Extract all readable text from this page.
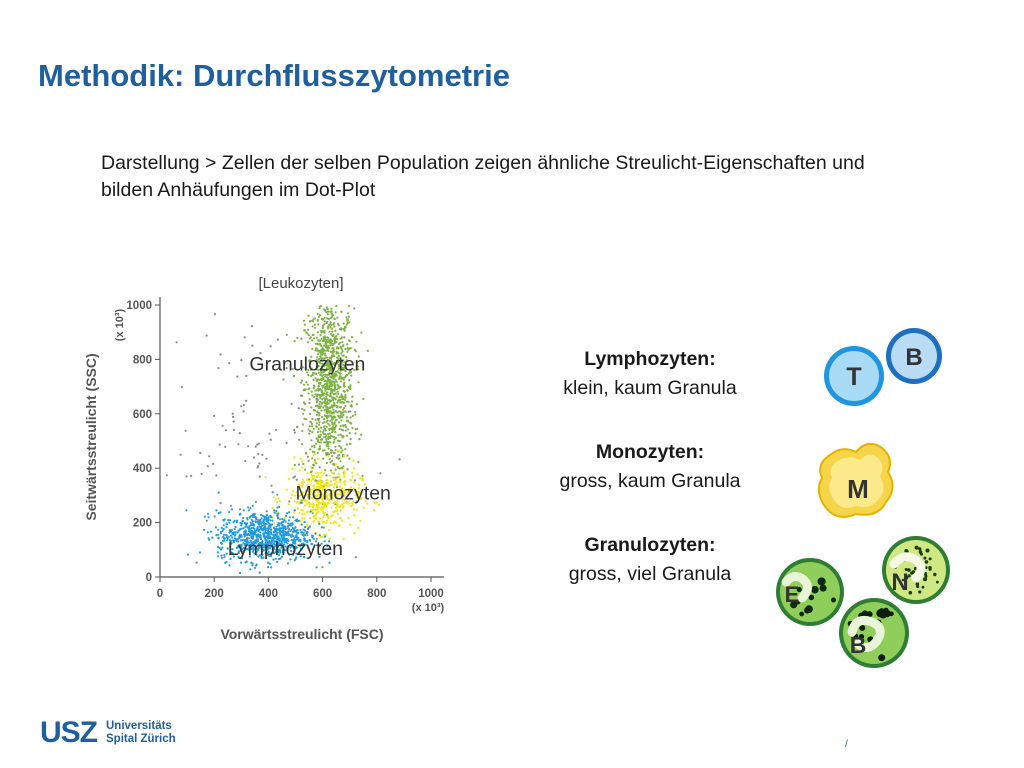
Methodik: Durchflusszytometrie
Darstellung > Zellen der selben Population zeigen ähnliche Streulicht-Eigenschaften und bilden Anhäufungen im Dot-Plot
0	200	400	600	800	1000
0
200
400
600
800
1000
[Leukozyten]
(x 10³)
(x 10³)
Seitwärtsstreulicht (SSC)
Vorwärtsstreulicht (FSC)
Granulozyten
Monozyten
Lymphozyten
Lymphozyten:
klein, kaum Granula
Monozyten:
gross, kaum Granula
Granulozyten:
gross, viel Granula
B
T
M
N
E
B
USZ Universitäts
Spital Zürich	/
